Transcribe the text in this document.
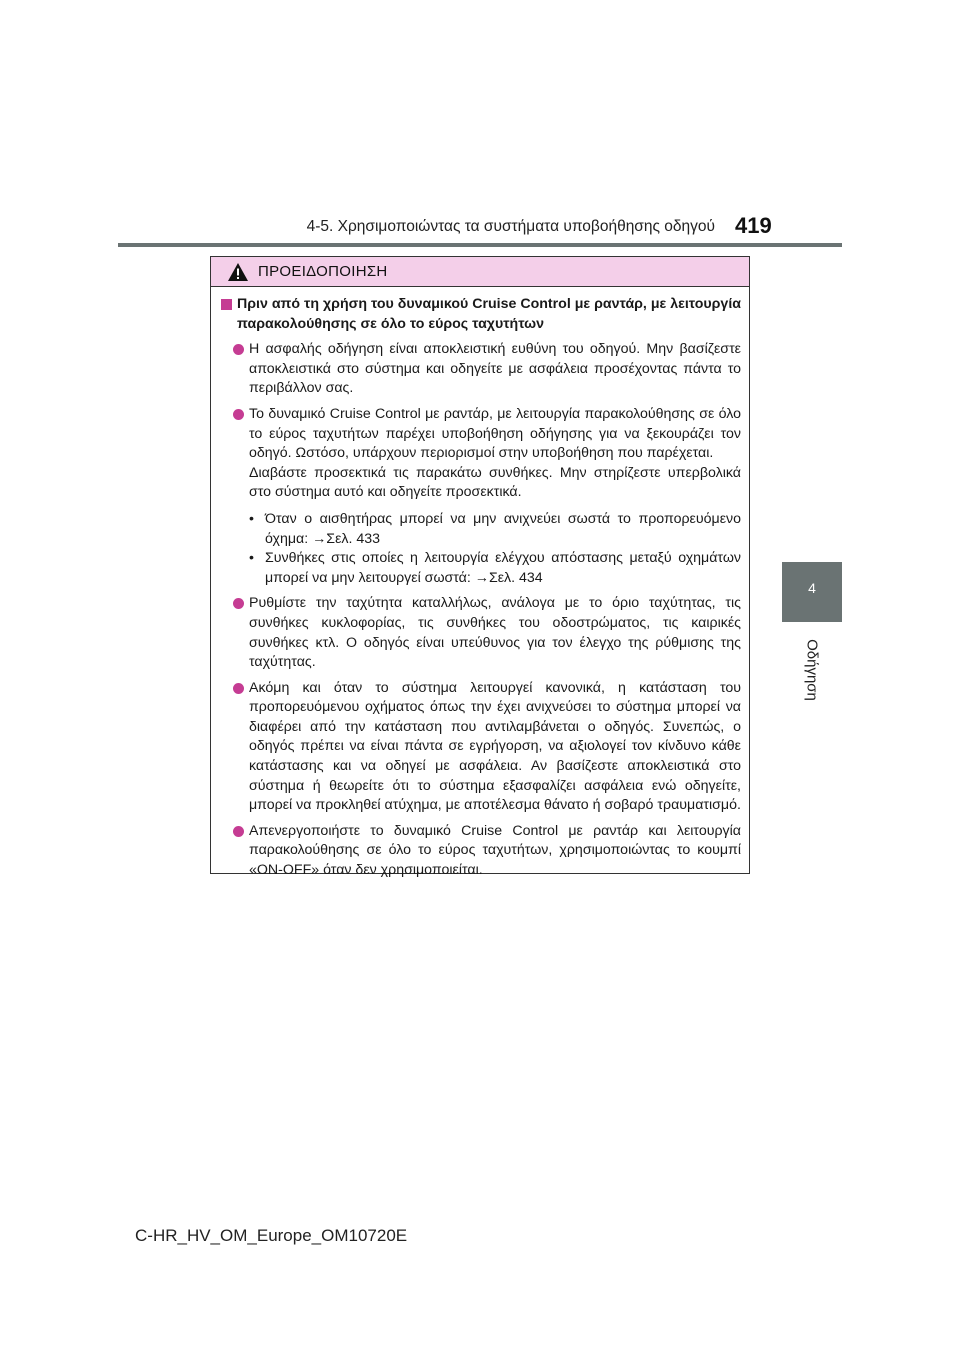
4-5. Χρησιμοποιώντας τα συστήματα υποβοήθησης οδηγού 419
4
Οδήγηση
ΠΡΟΕΙΔΟΠΟΙΗΣΗ
Πριν από τη χρήση του δυναμικού Cruise Control με ραντάρ, με λειτουργία παρακολούθησης σε όλο το εύρος ταχυτήτων
Η ασφαλής οδήγηση είναι αποκλειστική ευθύνη του οδηγού. Μην βασίζεστε αποκλειστικά στο σύστημα και οδηγείτε με ασφάλεια προσέχοντας πάντα το περιβάλλον σας.
Το δυναμικό Cruise Control με ραντάρ, με λειτουργία παρακολούθησης σε όλο το εύρος ταχυτήτων παρέχει υποβοήθηση οδήγησης για να ξεκουράζει τον οδηγό. Ωστόσο, υπάρχουν περιορισμοί στην υποβοήθηση που παρέχεται.
Διαβάστε προσεκτικά τις παρακάτω συνθήκες. Μην στηρίζεστε υπερβολικά στο σύστημα αυτό και οδηγείτε προσεκτικά.
• Όταν ο αισθητήρας μπορεί να μην ανιχνεύει σωστά το προπορευόμενο όχημα: →Σελ. 433
• Συνθήκες στις οποίες η λειτουργία ελέγχου απόστασης μεταξύ οχημάτων μπορεί να μην λειτουργεί σωστά: →Σελ. 434
Ρυθμίστε την ταχύτητα καταλλήλως, ανάλογα με το όριο ταχύτητας, τις συνθήκες κυκλοφορίας, τις συνθήκες του οδοστρώματος, τις καιρικές συνθήκες κτλ. Ο οδηγός είναι υπεύθυνος για τον έλεγχο της ρύθμισης της ταχύτητας.
Ακόμη και όταν το σύστημα λειτουργεί κανονικά, η κατάσταση του προπορευόμενου οχήματος όπως την έχει ανιχνεύσει το σύστημα μπορεί να διαφέρει από την κατάσταση που αντιλαμβάνεται ο οδηγός. Συνεπώς, ο οδηγός πρέπει να είναι πάντα σε εγρήγορση, να αξιολογεί τον κίνδυνο κάθε κατάστασης και να οδηγεί με ασφάλεια. Αν βασίζεστε αποκλειστικά στο σύστημα ή θεωρείτε ότι το σύστημα εξασφαλίζει ασφάλεια ενώ οδηγείτε, μπορεί να προκληθεί ατύχημα, με αποτέλεσμα θάνατο ή σοβαρό τραυματισμό.
Απενεργοποιήστε το δυναμικό Cruise Control με ραντάρ και λειτουργία παρακολούθησης σε όλο το εύρος ταχυτήτων, χρησιμοποιώντας το κουμπί «ON-OFF» όταν δεν χρησιμοποιείται.
C-HR_HV_OM_Europe_OM10720E
